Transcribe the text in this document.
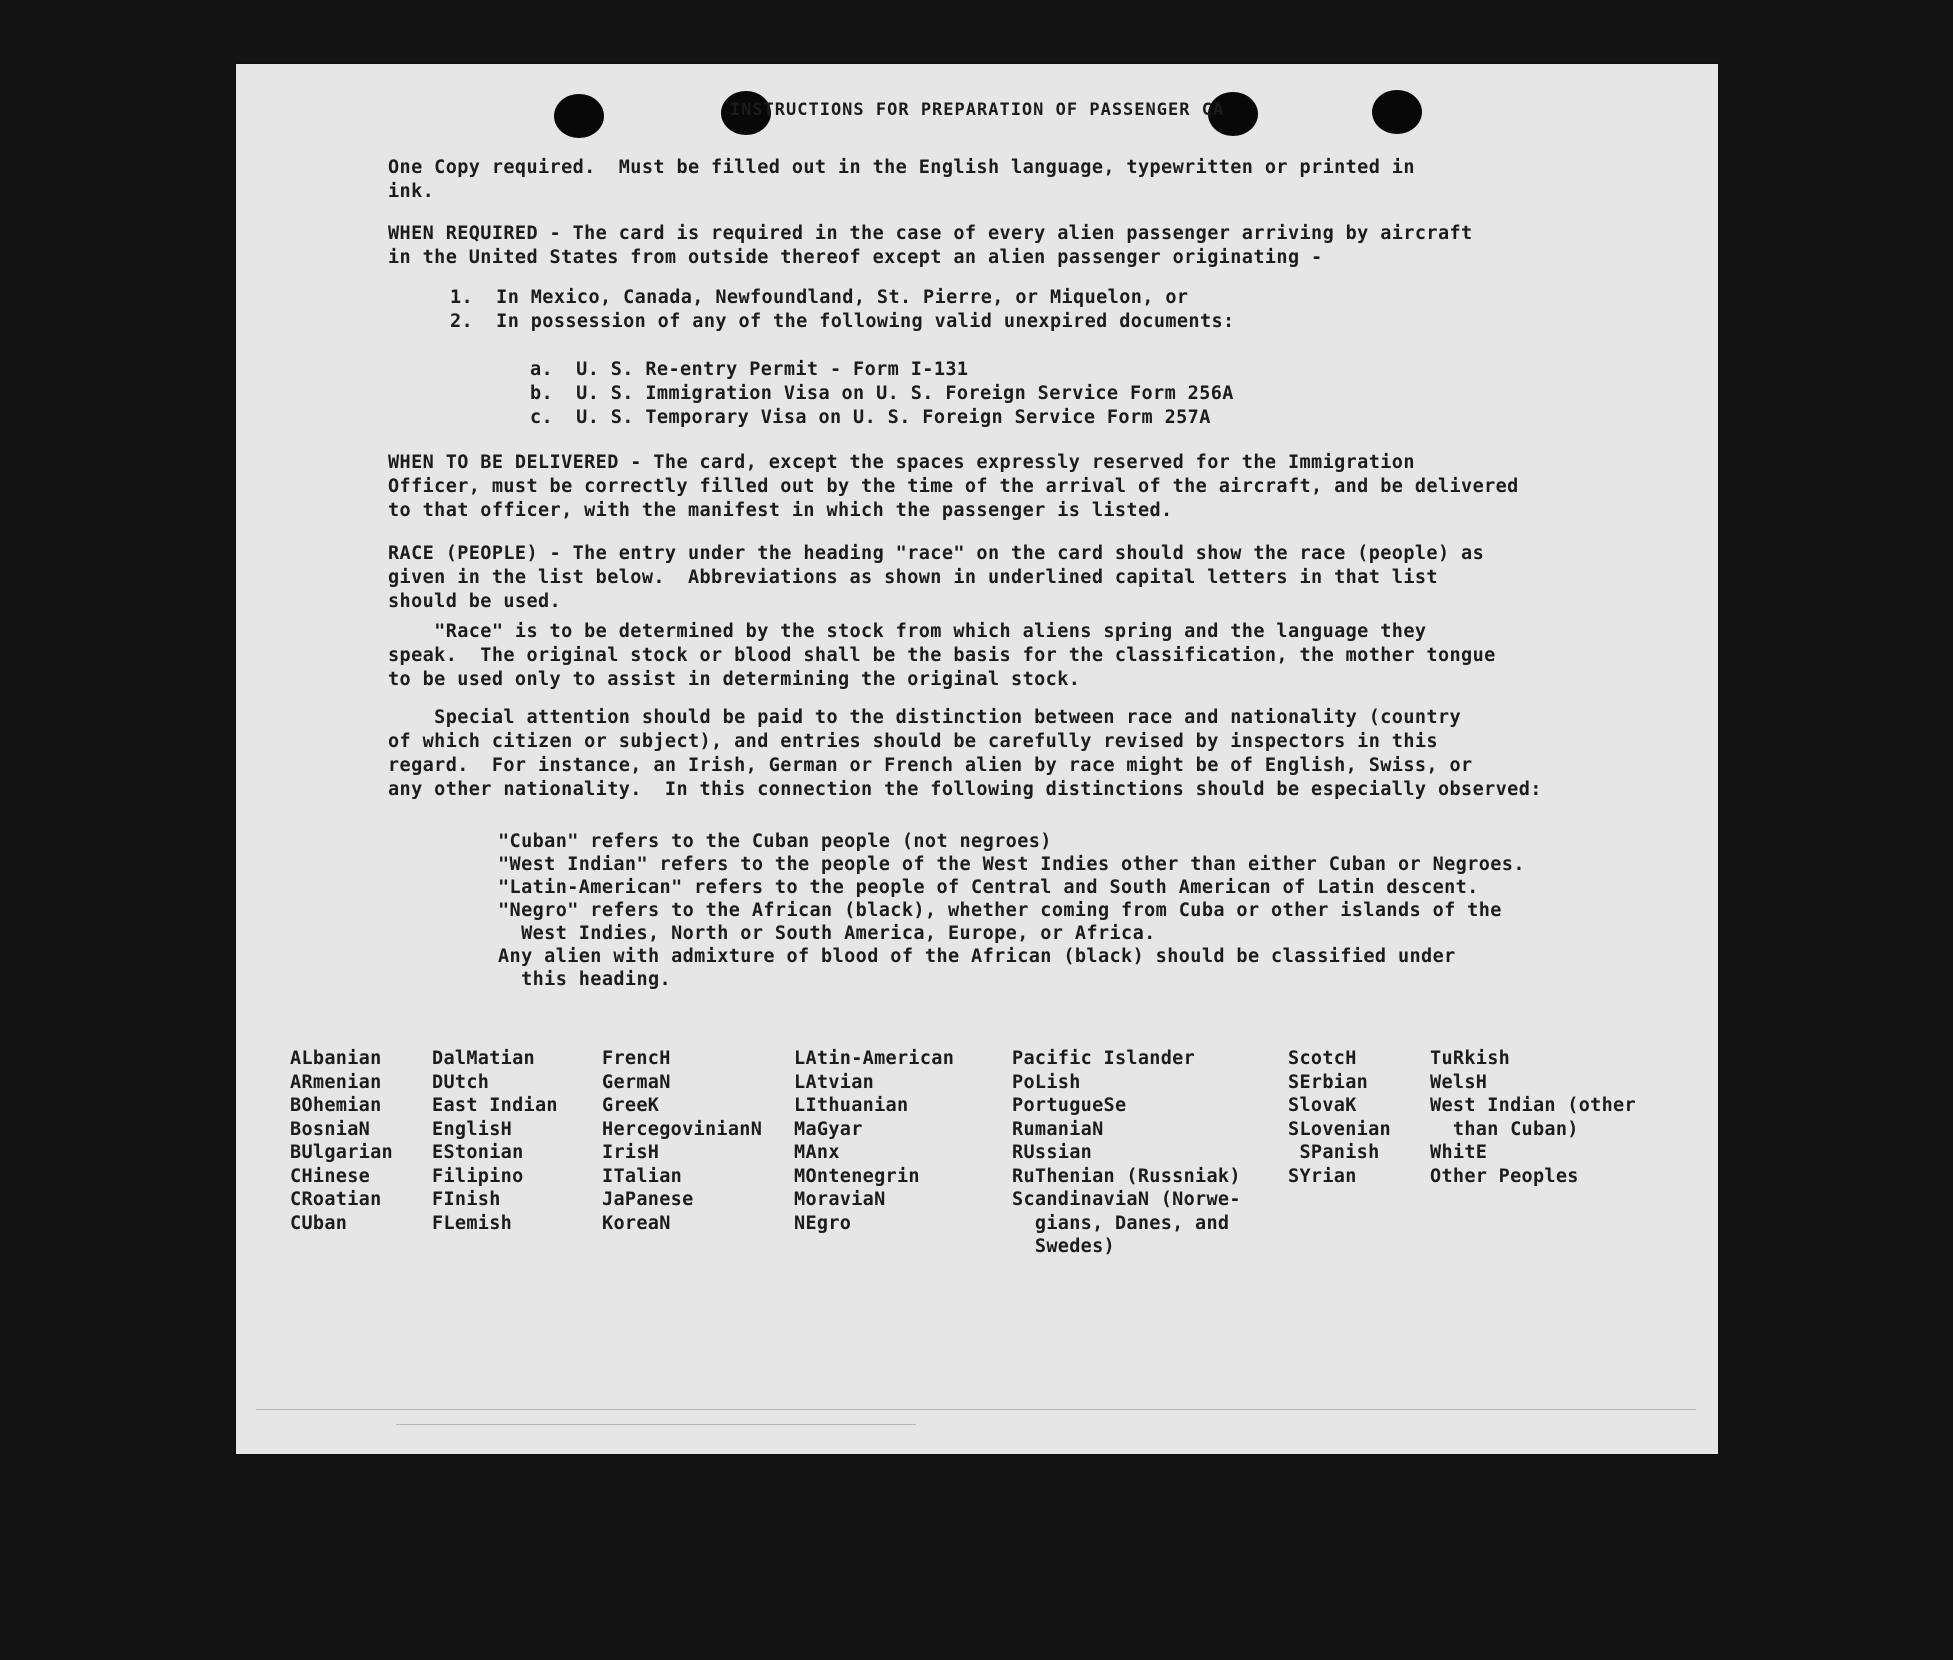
INSTRUCTIONS FOR PREPARATION OF PASSENGER CA
One Copy required.  Must be filled out in the English language, typewritten or printed in
ink.
WHEN REQUIRED - The card is required in the case of every alien passenger arriving by aircraft
in the United States from outside thereof except an alien passenger originating -
1.  In Mexico, Canada, Newfoundland, St. Pierre, or Miquelon, or
2.  In possession of any of the following valid unexpired documents:
a.  U. S. Re-entry Permit - Form I-131
b.  U. S. Immigration Visa on U. S. Foreign Service Form 256A
c.  U. S. Temporary Visa on U. S. Foreign Service Form 257A
WHEN TO BE DELIVERED - The card, except the spaces expressly reserved for the Immigration
Officer, must be correctly filled out by the time of the arrival of the aircraft, and be delivered
to that officer, with the manifest in which the passenger is listed.
RACE (PEOPLE) - The entry under the heading "race" on the card should show the race (people) as
given in the list below.  Abbreviations as shown in underlined capital letters in that list
should be used.
"Race" is to be determined by the stock from which aliens spring and the language they
speak.  The original stock or blood shall be the basis for the classification, the mother tongue
to be used only to assist in determining the original stock.
Special attention should be paid to the distinction between race and nationality (country
of which citizen or subject), and entries should be carefully revised by inspectors in this
regard.  For instance, an Irish, German or French alien by race might be of English, Swiss, or
any other nationality.  In this connection the following distinctions should be especially observed:
"Cuban" refers to the Cuban people (not negroes)
"West Indian" refers to the people of the West Indies other than either Cuban or Negroes.
"Latin-American" refers to the people of Central and South American of Latin descent.
"Negro" refers to the African (black), whether coming from Cuba or other islands of the
West Indies, North or South America, Europe, or Africa.
Any alien with admixture of blood of the African (black) should be classified under
this heading.
ALbanian
ARmenian
BOhemian
BosniaN
BUlgarian
CHinese
CRoatian
CUban
DalMatian
DUtch
East Indian
EnglisH
EStonian
Filipino
FInish
FLemish
FrencH
GermaN
GreeK
HercegovinianN
IrisH
ITalian
JaPanese
KoreaN
LAtin-American
LAtvian
LIthuanian
MaGyar
MAnx
MOntenegrin
MoraviaN
NEgro
Pacific Islander
PoLish
PortugueSe
RumaniaN
RUssian
RuThenian (Russniak)
ScandinaviaN (Norwe-
gians, Danes, and
Swedes)
ScotcH
SErbian
SlovaK
SLovenian
SPanish
SYrian
TuRkish
WelsH
West Indian (other
than Cuban)
WhitE
Other Peoples
